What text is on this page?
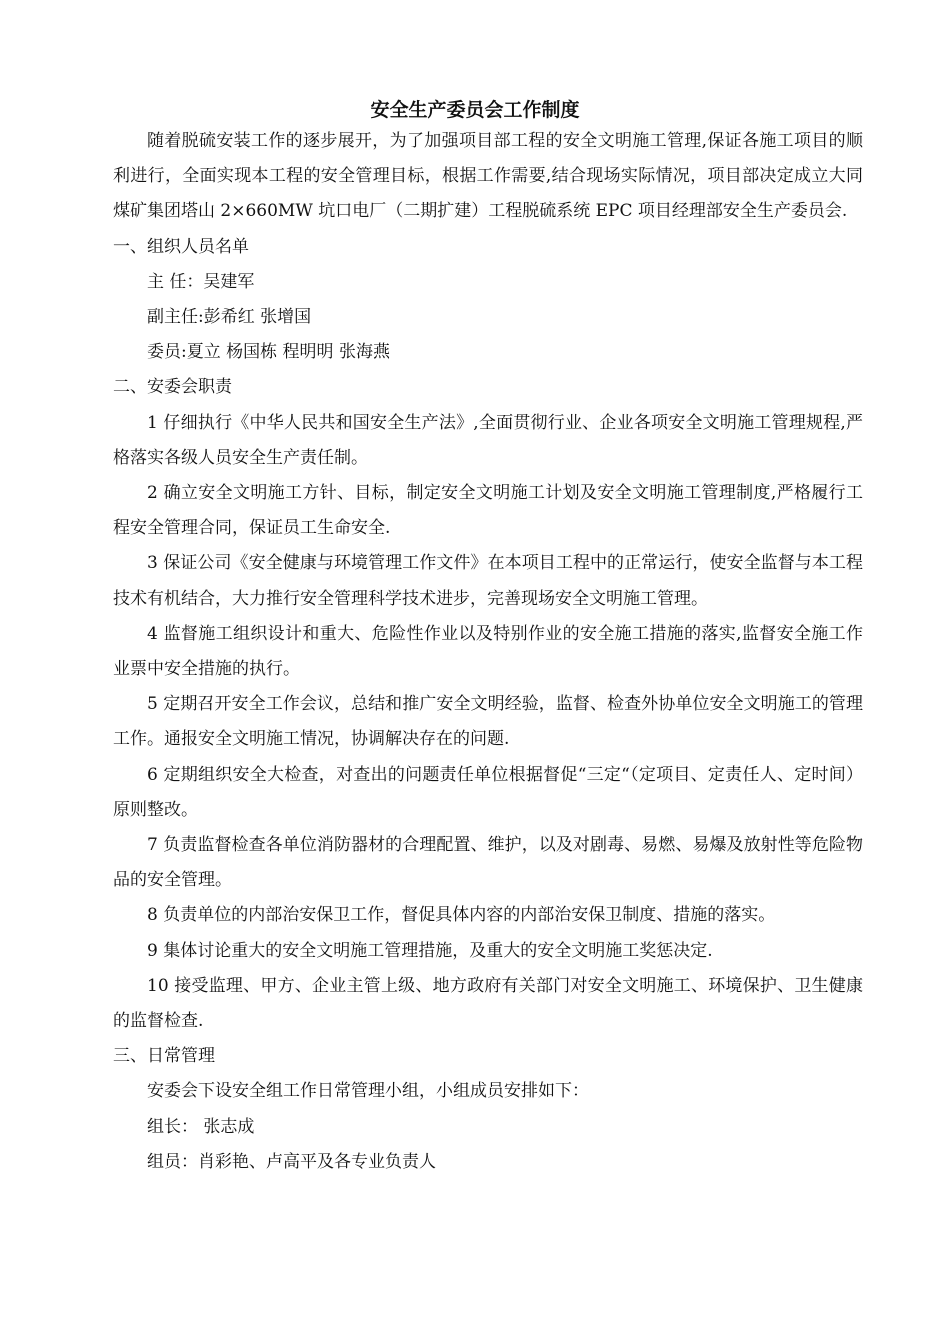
安全生产委员会工作制度

随着脱硫安装工作的逐步展开，为了加强项目部工程的安全文明施工管理,保证各施工项目的顺利进行，全面实现本工程的安全管理目标，根据工作需要,结合现场实际情况，项目部决定成立大同煤矿集团塔山 2×660MW 坑口电厂（二期扩建）工程脱硫系统 EPC 项目经理部安全生产委员会.

一、组织人员名单

主 任：吴建军

副主任:彭希红 张增国

委员:夏立 杨国栋 程明明 张海燕

二、安委会职责

1 仔细执行《中华人民共和国安全生产法》,全面贯彻行业、企业各项安全文明施工管理规程,严格落实各级人员安全生产责任制。

2 确立安全文明施工方针、目标，制定安全文明施工计划及安全文明施工管理制度,严格履行工程安全管理合同，保证员工生命安全.

3 保证公司《安全健康与环境管理工作文件》在本项目工程中的正常运行，使安全监督与本工程技术有机结合，大力推行安全管理科学技术进步，完善现场安全文明施工管理。

4 监督施工组织设计和重大、危险性作业以及特别作业的安全施工措施的落实,监督安全施工作业票中安全措施的执行。

5 定期召开安全工作会议，总结和推广安全文明经验，监督、检查外协单位安全文明施工的管理工作。通报安全文明施工情况，协调解决存在的问题.

6 定期组织安全大检查，对查出的问题责任单位根据督促“三定“（定项目、定责任人、定时间）原则整改。

7 负责监督检查各单位消防器材的合理配置、维护，以及对剧毒、易燃、易爆及放射性等危险物品的安全管理。

8 负责单位的内部治安保卫工作，督促具体内容的内部治安保卫制度、措施的落实。

9 集体讨论重大的安全文明施工管理措施，及重大的安全文明施工奖惩决定.

10 接受监理、甲方、企业主管上级、地方政府有关部门对安全文明施工、环境保护、卫生健康的监督检查.

三、日常管理

安委会下设安全组工作日常管理小组，小组成员安排如下：

组长： 张志成

组员：肖彩艳、卢高平及各专业负责人
